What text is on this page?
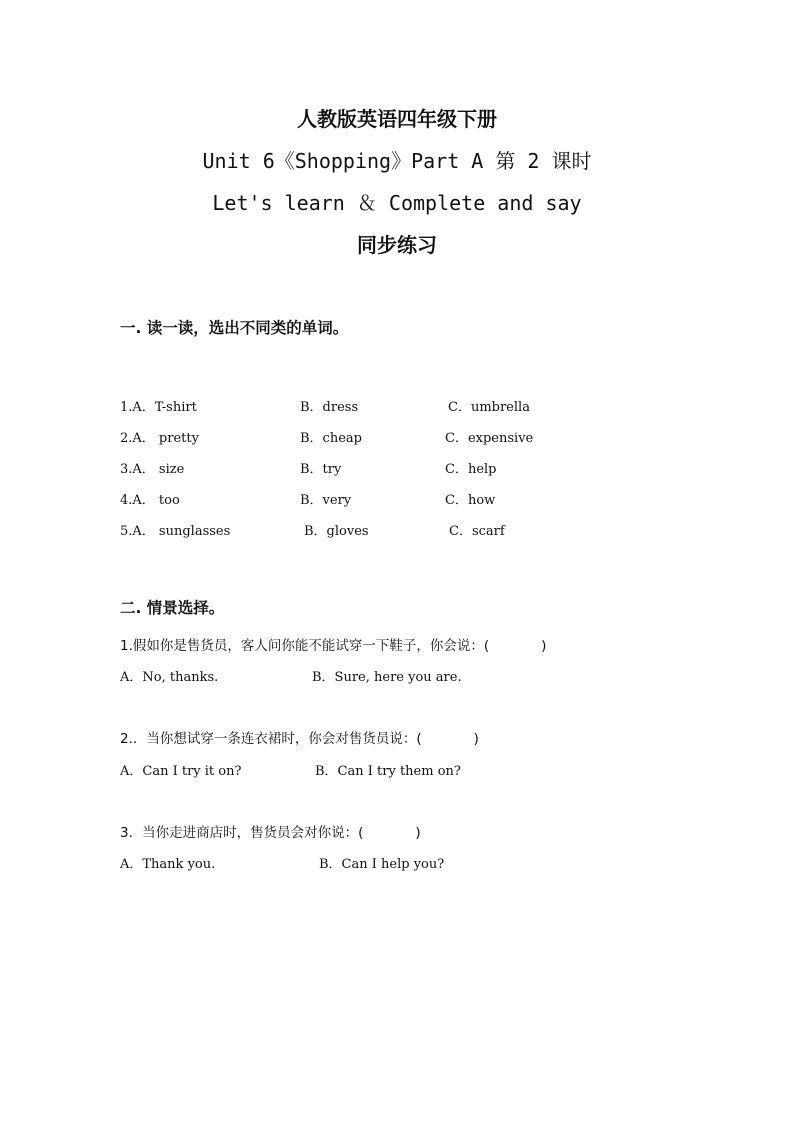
人教版英语四年级下册
Unit 6《Shopping》Part A 第 2 课时
Let's learn ＆ Complete and say
同步练习
一. 读一读，选出不同类的单词。
1.A．T-shirt	B．dress	C．umbrella
2.A． pretty	B．cheap	C．expensive
3.A． size	B．try	C．help
4.A． too	B．very	C．how
5.A． sunglasses	B．gloves	C．scarf
二. 情景选择。
1.假如你是售货员，客人问你能不能试穿一下鞋子，你会说：(	)
A．No, thanks.	B．Sure, here you are.
2.．当你想试穿一条连衣裙时，你会对售货员说：(	)
A．Can I try it on?	B．Can I try them on?
3．当你走进商店时，售货员会对你说：(	)
A．Thank you.	B．Can I help you?
